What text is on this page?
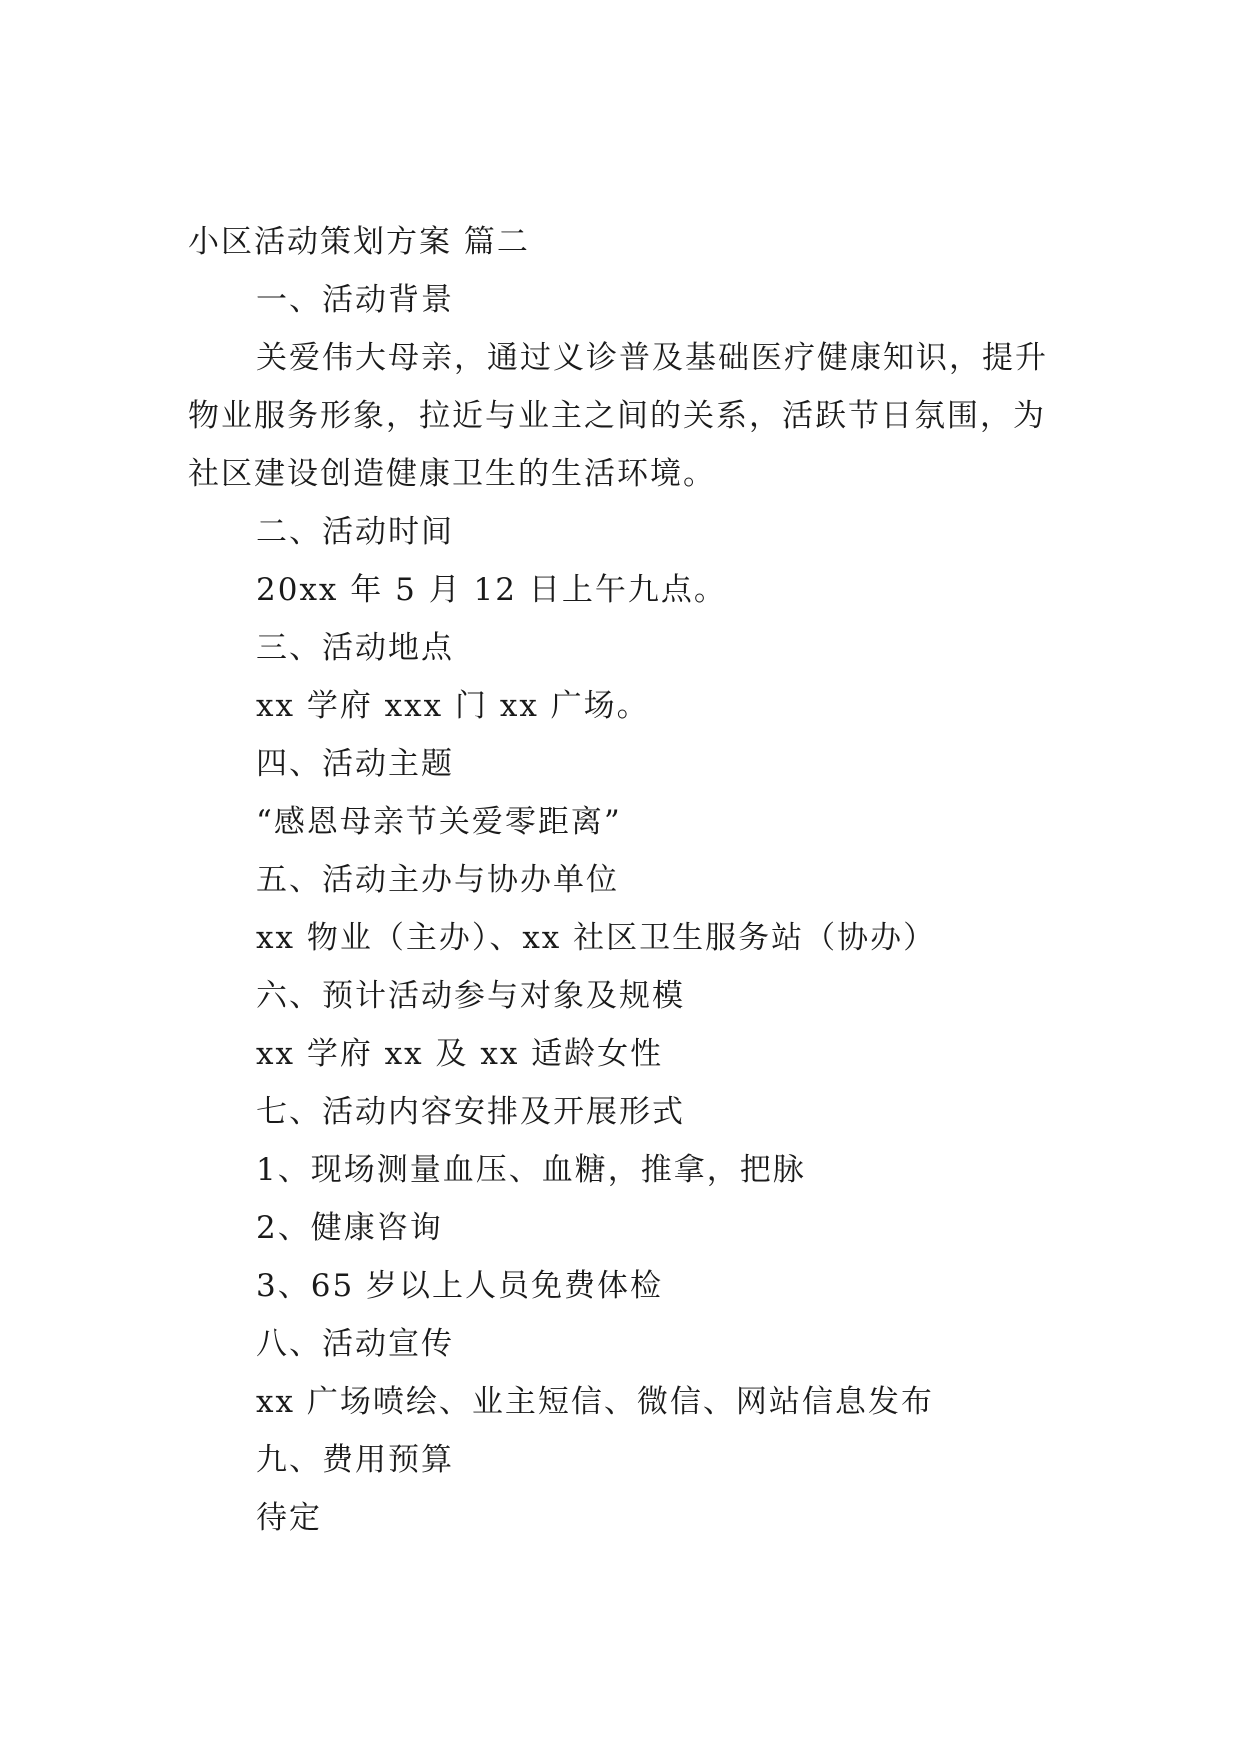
小区活动策划方案 篇二
一、活动背景
关爱伟大母亲，通过义诊普及基础医疗健康知识，提升
物业服务形象，拉近与业主之间的关系，活跃节日氛围，为
社区建设创造健康卫生的生活环境。
二、活动时间
20xx 年 5 月 12 日上午九点。
三、活动地点
xx 学府 xxx 门 xx 广场。
四、活动主题
“感恩母亲节关爱零距离”
五、活动主办与协办单位
xx 物业（主办）、xx 社区卫生服务站（协办）
六、预计活动参与对象及规模
xx 学府 xx 及 xx 适龄女性
七、活动内容安排及开展形式
1、现场测量血压、血糖，推拿，把脉
2、健康咨询
3、65 岁以上人员免费体检
八、活动宣传
xx 广场喷绘、业主短信、微信、网站信息发布
九、费用预算
待定
